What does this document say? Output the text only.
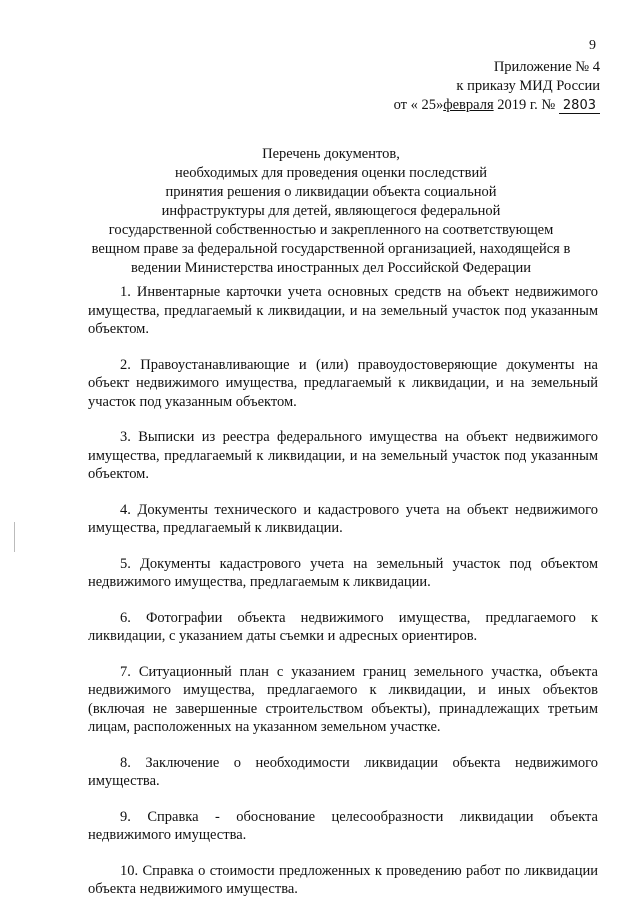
9
Приложение № 4
к приказу МИД России
от « 25»февраля 2019 г. № 2803
Перечень документов,
необходимых для проведения оценки последствий
принятия решения о ликвидации объекта социальной
инфраструктуры для детей, являющегося федеральной
государственной собственностью и закрепленного на соответствующем
вещном праве за федеральной государственной организацией, находящейся в
ведении Министерства иностранных дел Российской Федерации

1. Инвентарные карточки учета основных средств на объект недвижимого имущества, предлагаемый к ликвидации, и на земельный участок под указанным объектом.

2. Правоустанавливающие и (или) правоудостоверяющие документы на объект недвижимого имущества, предлагаемый к ликвидации, и на земельный участок под указанным объектом.

3. Выписки из реестра федерального имущества на объект недвижимого имущества, предлагаемый к ликвидации, и на земельный участок под указанным объектом.

4. Документы технического и кадастрового учета на объект недвижимого имущества, предлагаемый к ликвидации.

5. Документы кадастрового учета на земельный участок под объектом недвижимого имущества, предлагаемым к ликвидации.

6. Фотографии объекта недвижимого имущества, предлагаемого к ликвидации, с указанием даты съемки и адресных ориентиров.

7. Ситуационный план с указанием границ земельного участка, объекта недвижимого имущества, предлагаемого к ликвидации, и иных объектов (включая не завершенные строительством объекты), принадлежащих третьим лицам, расположенных на указанном земельном участке.

8. Заключение о необходимости ликвидации объекта недвижимого имущества.

9. Справка - обоснование целесообразности ликвидации объекта недвижимого имущества.

10. Справка о стоимости предложенных к проведению работ по ликвидации объекта недвижимого имущества.
